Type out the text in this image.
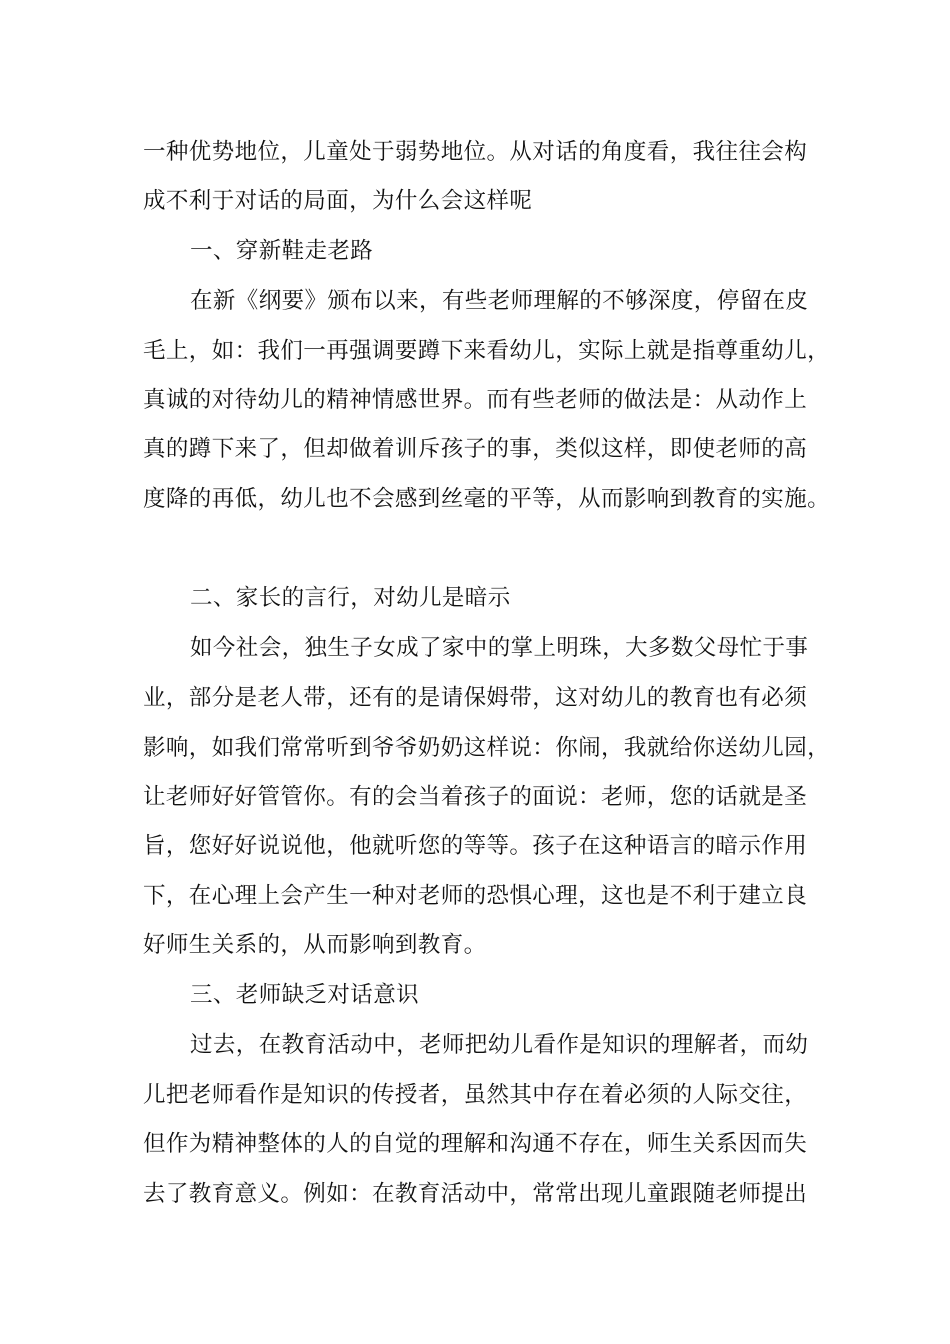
一种优势地位，儿童处于弱势地位。从对话的角度看，我往往会构
成不利于对话的局面，为什么会这样呢
一、穿新鞋走老路
在新《纲要》颁布以来，有些老师理解的不够深度，停留在皮
毛上，如：我们一再强调要蹲下来看幼儿，实际上就是指尊重幼儿，
真诚的对待幼儿的精神情感世界。而有些老师的做法是：从动作上
真的蹲下来了，但却做着训斥孩子的事，类似这样，即使老师的高
度降的再低，幼儿也不会感到丝毫的平等，从而影响到教育的实施。
二、家长的言行，对幼儿是暗示
如今社会，独生子女成了家中的掌上明珠，大多数父母忙于事
业，部分是老人带，还有的是请保姆带，这对幼儿的教育也有必须
影响，如我们常常听到爷爷奶奶这样说：你闹，我就给你送幼儿园，
让老师好好管管你。有的会当着孩子的面说：老师，您的话就是圣
旨，您好好说说他，他就听您的等等。孩子在这种语言的暗示作用
下，在心理上会产生一种对老师的恐惧心理，这也是不利于建立良
好师生关系的，从而影响到教育。
三、老师缺乏对话意识
过去，在教育活动中，老师把幼儿看作是知识的理解者，而幼
儿把老师看作是知识的传授者，虽然其中存在着必须的人际交往，
但作为精神整体的人的自觉的理解和沟通不存在，师生关系因而失
去了教育意义。例如：在教育活动中，常常出现儿童跟随老师提出
